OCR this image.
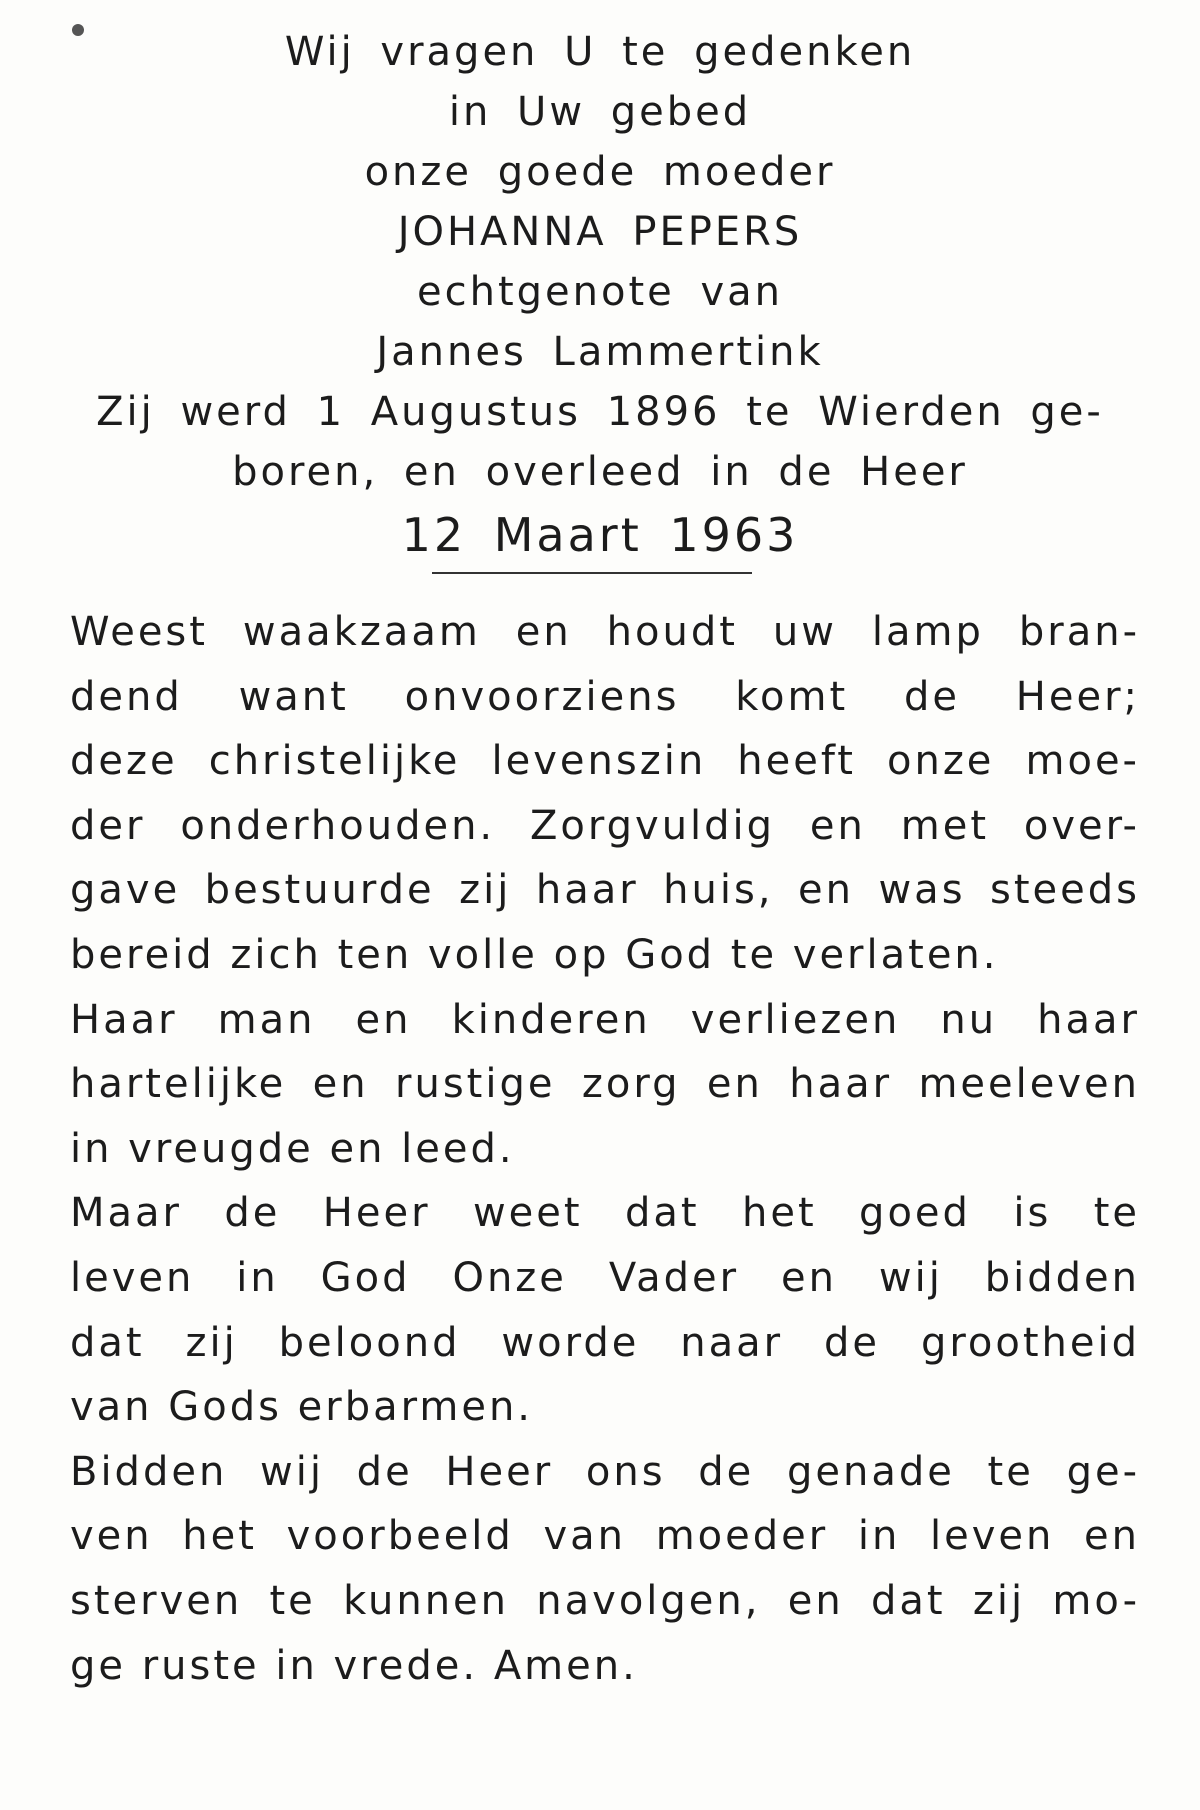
Wij vragen U te gedenken
in Uw gebed
onze goede moeder
JOHANNA PEPERS
echtgenote van
Jannes Lammertink
Zij werd 1 Augustus 1896 te Wierden ge-
boren, en overleed in de Heer
12 Maart 1963
Weest waakzaam en houdt uw lamp bran-
dend want onvoorziens komt de Heer;
deze christelijke levenszin heeft onze moe-
der onderhouden. Zorgvuldig en met over-
gave bestuurde zij haar huis, en was steeds
bereid zich ten volle op God te verlaten.
Haar man en kinderen verliezen nu haar
hartelijke en rustige zorg en haar meeleven
in vreugde en leed.
Maar de Heer weet dat het goed is te
leven in God Onze Vader en wij bidden
dat zij beloond worde naar de grootheid
van Gods erbarmen.
Bidden wij de Heer ons de genade te ge-
ven het voorbeeld van moeder in leven en
sterven te kunnen navolgen, en dat zij mo-
ge ruste in vrede. Amen.
